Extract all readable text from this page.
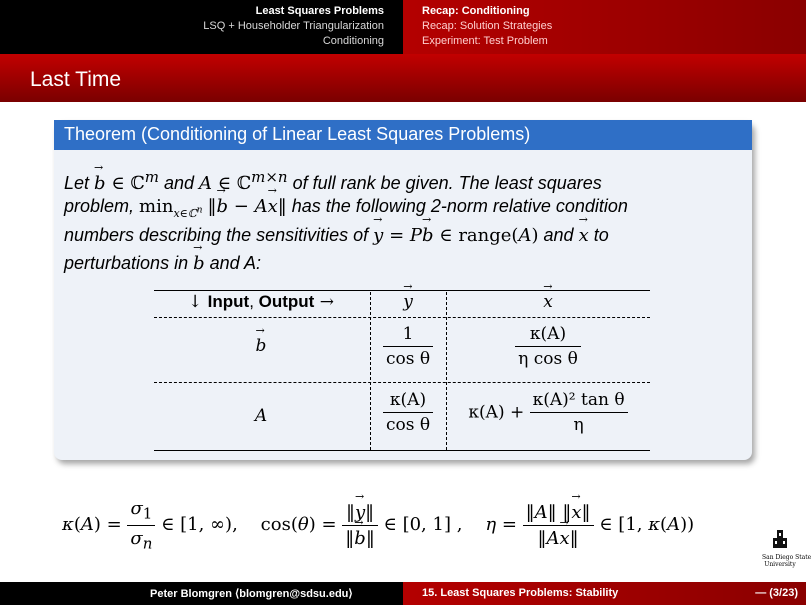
Least Squares Problems
LSQ + Householder Triangularization
Conditioning
Recap: Conditioning
Recap: Solution Strategies
Experiment: Test Problem
Last Time
Theorem (Conditioning of Linear Least Squares Problems)
Let → b ∈ ℂ$^m$ and A ∈ ℂ$^{m\times n}$ of full rank be given. The least squares
problem, $\min_{x\in ℂ^n}$ ‖→ b − A→ x‖ has the following 2-norm relative condition
numbers describing the sensitivities of → y = P→ b ∈ range(A) and → x to
perturbations in → b and A:
↓ Input, Output →	→ y	→ x
→ b	$\frac{1}{\text{cos θ}}$	$\frac{\kappa(A)}{\text{η cos θ}}$
A	$\frac{\kappa(A)}{\text{cos θ}}$	$\kappa(A) + \frac{\text{κ(A)² tan θ}}{\eta}$
$\kappa(A) = \frac{\sigma_1}{\sigma_n}$ ∈ [1, ∞),    $\cos(\theta) = \frac{‖\to y‖}{‖\to b‖}$ ∈ [0, 1] ,    $\eta = \frac{‖A‖ ‖\to x‖}{‖A\to x‖}$ ∈ [1, κ(A))
San Diego State
University
Peter Blomgren ⟨blomgren@sdsu.edu⟩	15. Least Squares Problems: Stability	— (3/23)
